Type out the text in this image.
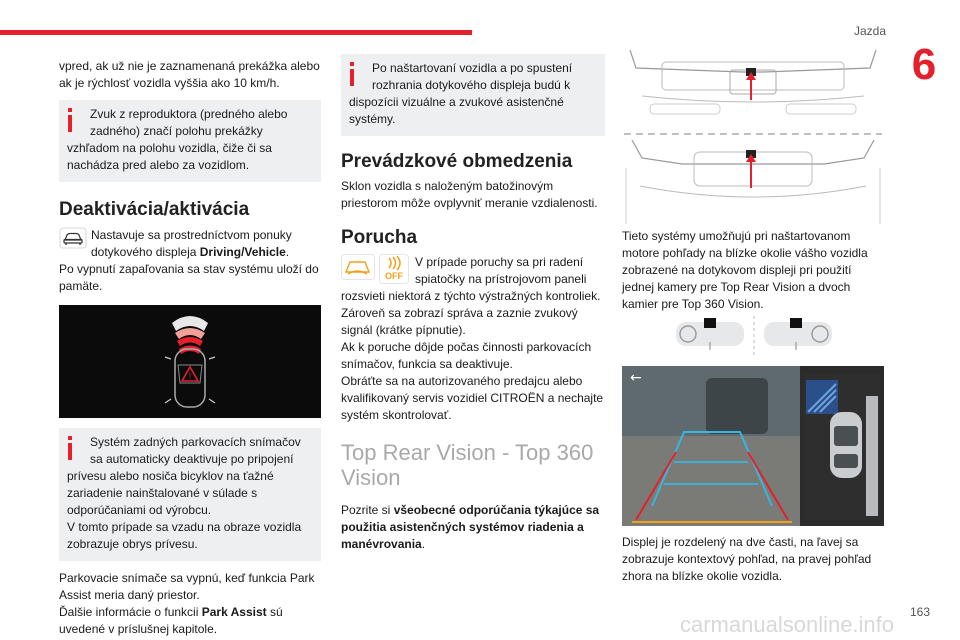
Jazda
6

vpred, ak už nie je zaznamenaná prekážka alebo ak je rýchlosť vozidla vyššia ako 10 km/h.

Zvuk z reproduktora (predného alebo zadného) značí polohu prekážky
vzhľadom na polohu vozidla, čiže či sa nachádza pred alebo za vozidlom.

Deaktivácia/aktivácia

Nastavuje sa prostredníctvom ponuky dotykového displeja Driving/Vehicle.

Po vypnutí zapaľovania sa stav systému uloží do pamäte.

!

Systém zadných parkovacích snímačov sa automaticky deaktivuje po pripojení
prívesu alebo nosiča bicyklov na ťažné zariadenie nainštalované v súlade s odporúčaniami od výrobcu.

V tomto prípade sa vzadu na obraze vozidla zobrazuje obrys prívesu.

Parkovacie snímače sa vypnú, keď funkcia Park Assist meria daný priestor.

Ďalšie informácie o funkcii Park Assist sú uvedené v príslušnej kapitole.

Po naštartovaní vozidla a po spustení rozhrania dotykového displeja budú k
dispozícii vizuálne a zvukové asistenčné systémy.

Prevádzkové obmedzenia

Sklon vozidla s naloženým batožinovým priestorom môže ovplyvniť meranie vzdialenosti.

Porucha
OFF

V prípade poruchy sa pri radení spiatočky na prístrojovom paneli

rozsvieti niektorá z týchto výstražných kontroliek. Zároveň sa zobrazí správa a zaznie zvukový signál (krátke pípnutie).

Ak k poruche dôjde počas činnosti parkovacích snímačov, funkcia sa deaktivuje.

Obráťte sa na autorizovaného predajcu alebo kvalifikovaný servis vozidiel CITROËN a nechajte systém skontrolovať.

Top Rear Vision - Top 360 Vision

Pozrite si všeobecné odporúčania týkajúce sa použitia asistenčných systémov riadenia a manévrovania.

Tieto systémy umožňujú pri naštartovanom motore pohľady na blízke okolie vášho vozidla zobrazené na dotykovom displeji pri použití jednej kamery pre Top Rear Vision a dvoch kamier pre Top 360 Vision.

←

Displej je rozdelený na dve časti, na ľavej sa zobrazuje kontextový pohľad, na pravej pohľad zhora na blízke okolie vozidla.

163
carmanualsonline.info
